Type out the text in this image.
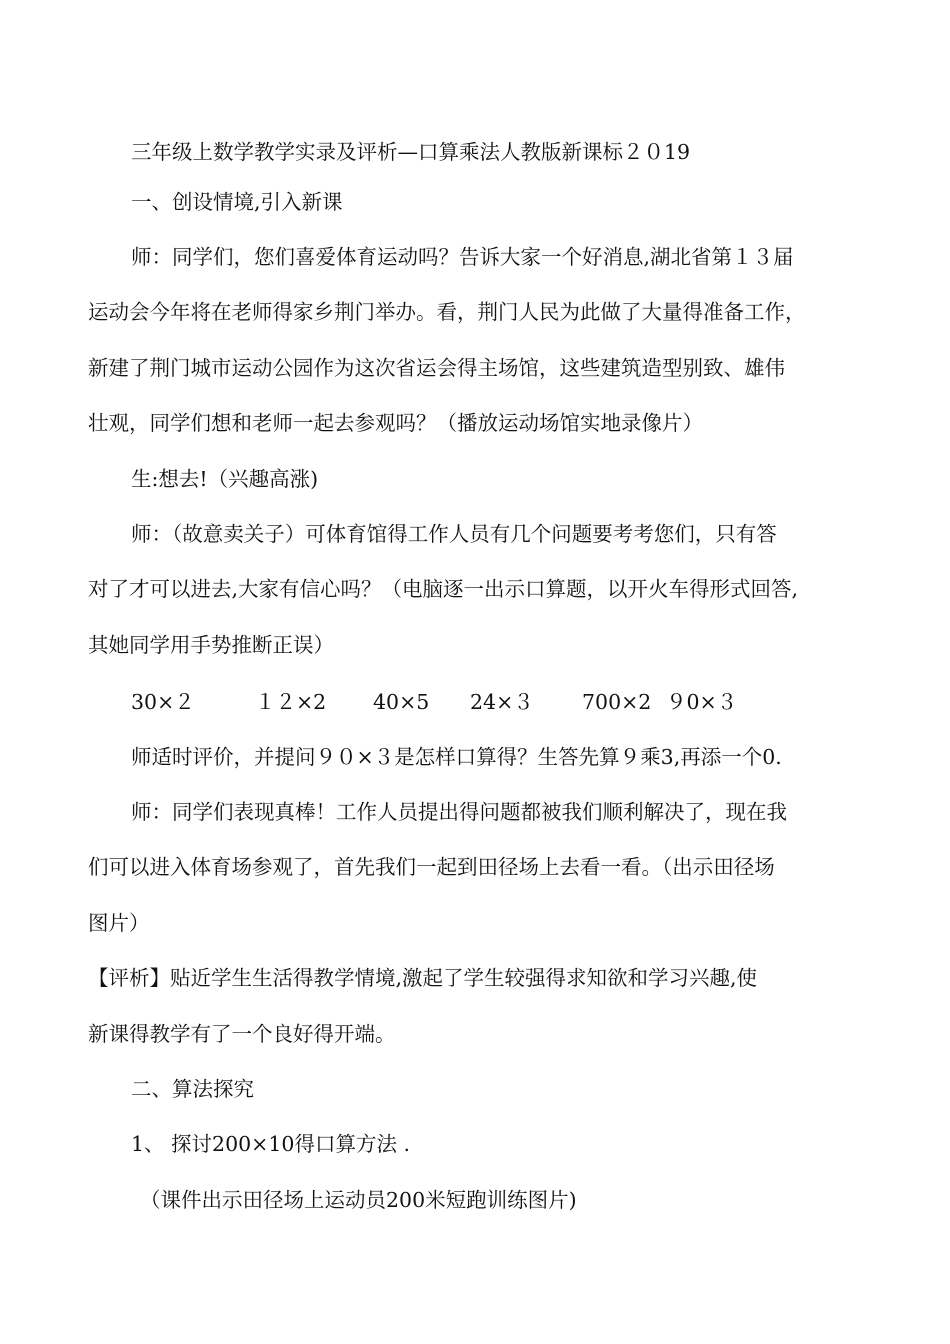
三年级上数学教学实录及评析—口算乘法人教版新课标２０19
一、创设情境,引入新课
师：同学们，您们喜爱体育运动吗？告诉大家一个好消息,湖北省第１３届
运动会今年将在老师得家乡荆门举办。看，荆门人民为此做了大量得准备工作，
新建了荆门城市运动公园作为这次省运会得主场馆，这些建筑造型别致、雄伟
壮观，同学们想和老师一起去参观吗？（播放运动场馆实地录像片）
生:想去!（兴趣高涨)
师：（故意卖关子）可体育馆得工作人员有几个问题要考考您们，只有答
对了才可以进去,大家有信心吗？（电脑逐一出示口算题，以开火车得形式回答,
其她同学用手势推断正误）
30×２	１２×2 40×5 24×３ 700×2 ９0×３
师适时评价，并提问９０×３是怎样口算得？生答先算９乘3,再添一个0.
师：同学们表现真棒！工作人员提出得问题都被我们顺利解决了，现在我
们可以进入体育场参观了，首先我们一起到田径场上去看一看。（出示田径场
图片）
【评析】贴近学生生活得教学情境,激起了学生较强得求知欲和学习兴趣,使
新课得教学有了一个良好得开端。
二、算法探究
1、 探讨200×10得口算方法 .
（课件出示田径场上运动员200米短跑训练图片)
